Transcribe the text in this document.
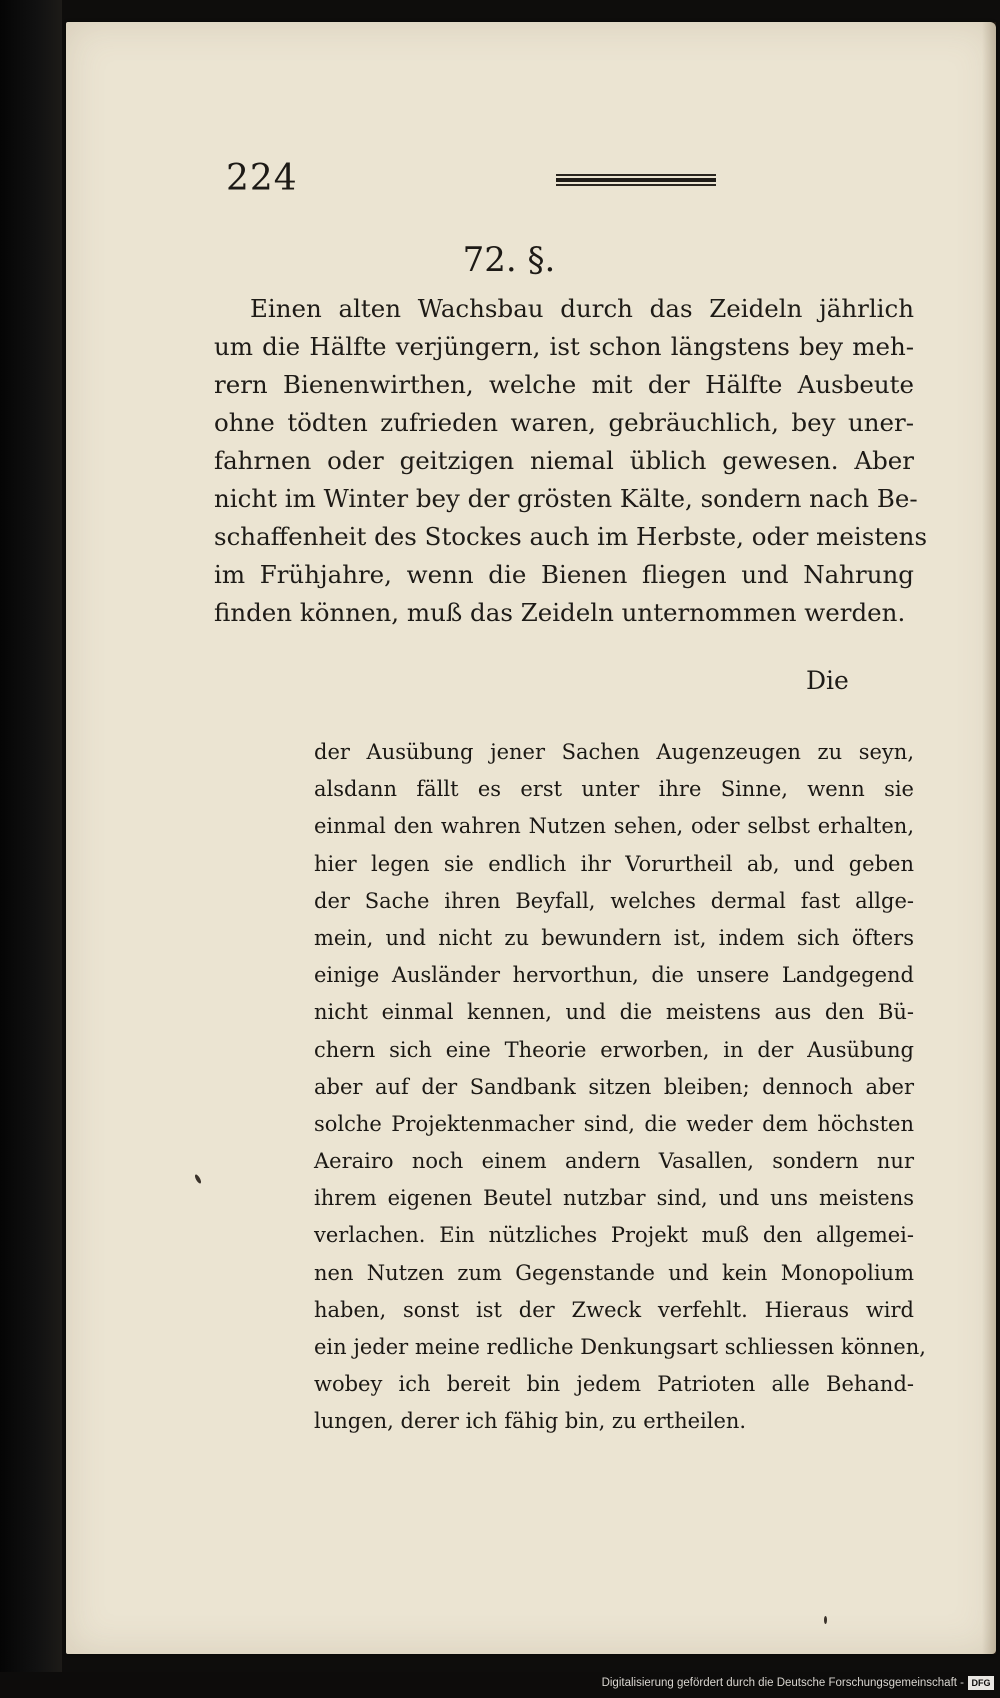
224
72. §.
Einen alten Wachsbau durch das Zeideln jährlich
um die Hälfte verjüngern, ist schon längstens bey meh-
rern Bienenwirthen, welche mit der Hälfte Ausbeute
ohne tödten zufrieden waren, gebräuchlich, bey uner-
fahrnen oder geitzigen niemal üblich gewesen. Aber
nicht im Winter bey der grösten Kälte, sondern nach Be-
schaffenheit des Stockes auch im Herbste, oder meistens
im Frühjahre, wenn die Bienen fliegen und Nahrung
finden können, muß das Zeideln unternommen werden.
Die
der Ausübung jener Sachen Augenzeugen zu seyn,
alsdann fällt es erst unter ihre Sinne, wenn sie
einmal den wahren Nutzen sehen, oder selbst erhalten,
hier legen sie endlich ihr Vorurtheil ab, und geben
der Sache ihren Beyfall, welches dermal fast allge-
mein, und nicht zu bewundern ist, indem sich öfters
einige Ausländer hervorthun, die unsere Landgegend
nicht einmal kennen, und die meistens aus den Bü-
chern sich eine Theorie erworben, in der Ausübung
aber auf der Sandbank sitzen bleiben; dennoch aber
solche Projektenmacher sind, die weder dem höchsten
Aerairo noch einem andern Vasallen, sondern nur
ihrem eigenen Beutel nutzbar sind, und uns meistens
verlachen. Ein nützliches Projekt muß den allgemei-
nen Nutzen zum Gegenstande und kein Monopolium
haben, sonst ist der Zweck verfehlt. Hieraus wird
ein jeder meine redliche Denkungsart schliessen können,
wobey ich bereit bin jedem Patrioten alle Behand-
lungen, derer ich fähig bin, zu ertheilen.
Digitalisierung gefördert durch die Deutsche Forschungsgemeinschaft - DFG
